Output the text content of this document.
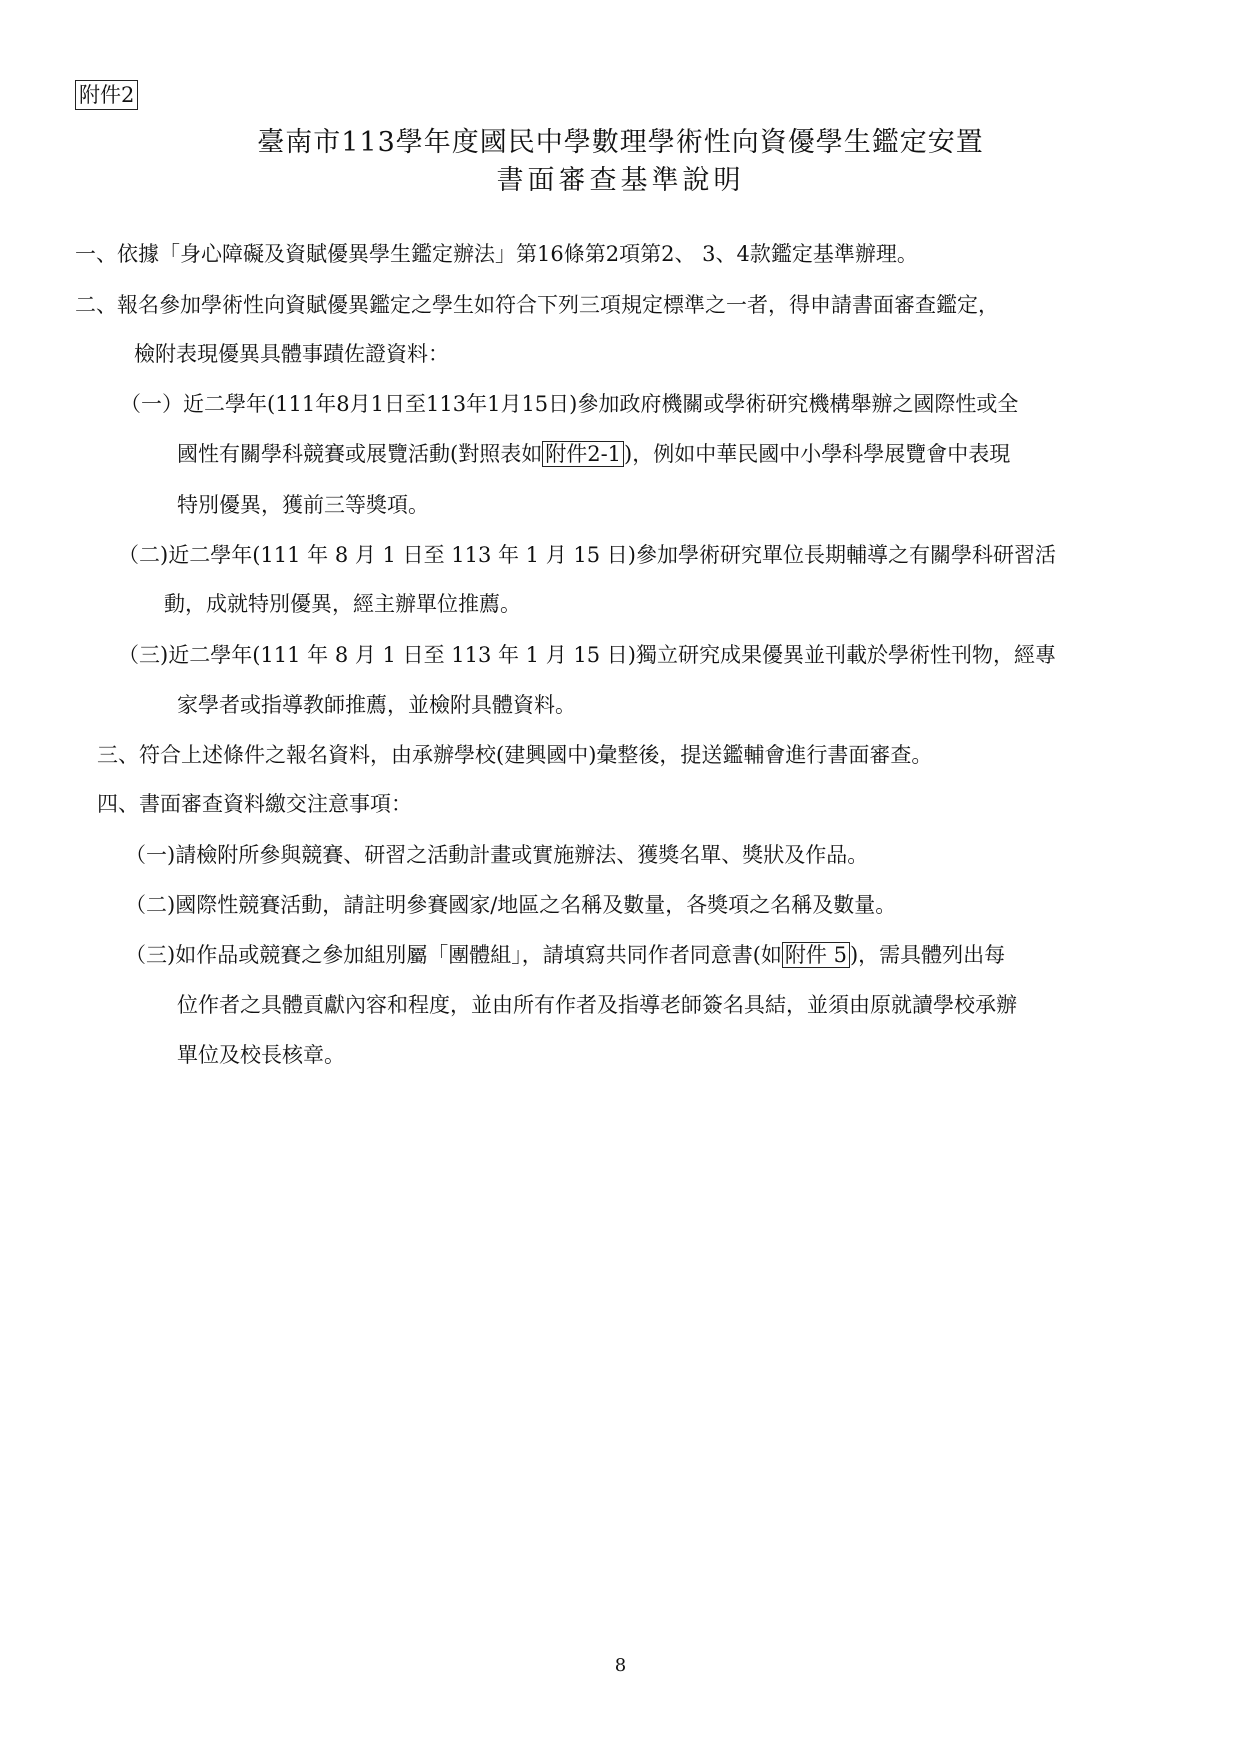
附件2
臺南市113學年度國民中學數理學術性向資優學生鑑定安置
書面審查基準說明
一、依據「身心障礙及資賦優異學生鑑定辦法」第16條第2項第2、 3、4款鑑定基準辦理。
二、報名參加學術性向資賦優異鑑定之學生如符合下列三項規定標準之一者，得申請書面審查鑑定，
檢附表現優異具體事蹟佐證資料：
（一）近二學年(111年8月1日至113年1月15日)參加政府機關或學術研究機構舉辦之國際性或全
國性有關學科競賽或展覽活動(對照表如 附件2-1 )，例如中華民國中小學科學展覽會中表現
特別優異，獲前三等獎項。
（二)近二學年(111 年 8 月 1 日至 113 年 1 月 15 日)參加學術研究單位長期輔導之有關學科研習活
動，成就特別優異，經主辦單位推薦。
（三)近二學年(111 年 8 月 1 日至 113 年 1 月 15 日)獨立研究成果優異並刊載於學術性刊物，經專
家學者或指導教師推薦，並檢附具體資料。
三、符合上述條件之報名資料，由承辦學校(建興國中)彙整後，提送鑑輔會進行書面審查。
四、書面審查資料繳交注意事項：
（一)請檢附所參與競賽、研習之活動計畫或實施辦法、獲獎名單、獎狀及作品。
（二)國際性競賽活動，請註明參賽國家/地區之名稱及數量，各獎項之名稱及數量。
（三)如作品或競賽之參加組別屬「團體組」，請填寫共同作者同意書(如 附件 5 )，需具體列出每
位作者之具體貢獻內容和程度，並由所有作者及指導老師簽名具結，並須由原就讀學校承辦
單位及校長核章。
8
